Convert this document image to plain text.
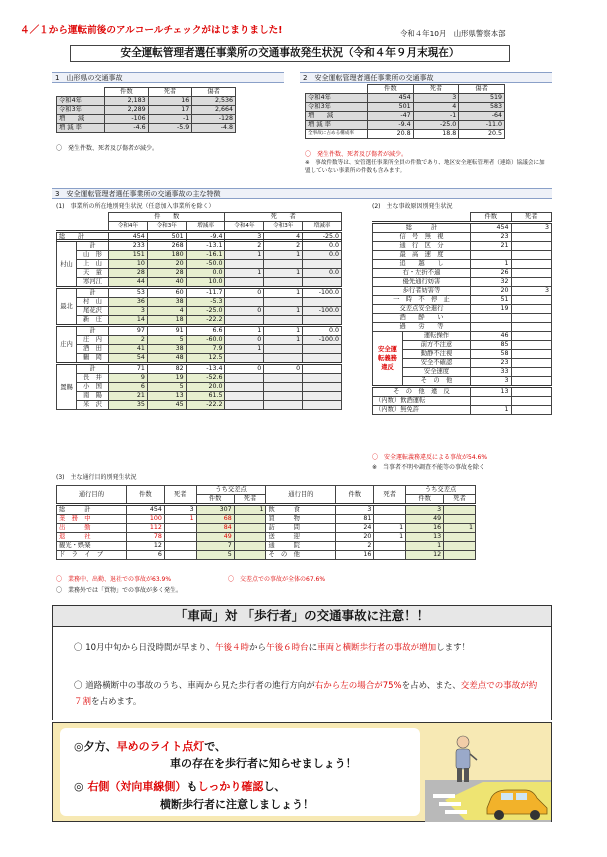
４／１から運転前後のアルコールチェックがはじまりました!	令和４年10月　山形県警察本部
安全運転管理者選任事業所の交通事故発生状況（令和４年９月末現在）
1　山形県の交通事故
	件数	死者	傷者
令和4年	2,183	16	2,536
令和3年	2,289	17	2,664
増　　減	-106	-1	-128
増 減 率	-4.6	-5.9	-4.8
〇　発生件数、死者及び傷者が減少。
2　安全運転管理者選任事業所の交通事故
	件数	死者	傷者
令和4年	454	3	519
令和3年	501	4	583
増　　減	-47	-1	-64
増 減 率	-9.4	-25.0	-11.0
全事故に占める構成率	20.8	18.8	20.5
〇　発生件数、死者及び傷者が減少。
※　事故件数等は、安管選任事業所全員の件数であり、地区安全運転管理者（連絡）協議会に加盟していない事業所の件数も含みます。
3　安全運転管理者選任事業所の交通事故の主な特徴
(1)　事業所の所在地別発生状況（任意加入事業所を除く）
	件　　数			死　　者		
	令和4年	令和3年	増減率	令和4年	令和3年	増減率
総　　計	454	501	-9.4	3	4	-25.0
村山	計	233	268	-13.1	2	2	0.0
	山　形	151	180	-16.1	1	1	0.0
	上　山	10	20	-50.0			
	天　童	28	28	0.0	1	1	0.0
	寒河江	44	40	10.0			
最北	計	53	60	-11.7	0	1	-100.0
	村　山	36	38	-5.3			
	尾花沢	3	4	-25.0	0	1	-100.0
	新　庄	14	18	-22.2			
庄内	計	97	91	6.6	1	1	0.0
	庄　内	2	5	-60.0	0	1	-100.0
	酒　田	41	38	7.9	1		
	鶴　岡	54	48	12.5			
置賜	計	71	82	-13.4	0	0	
	長　井	9	19	-52.6			
	小　国	6	5	20.0			
	南　陽	21	13	61.5			
	米　沢	35	45	-22.2			
(2)　主な事故原因別発生状況
		件数	死者
総　　　計		454	3
信　号　無　視		23	
通　行　区　分		21	
最　高　速　度			
追　　越　　し		1	
右・左折不適		26	
優先通行妨害		32	
歩行者妨害等		20	3
一　時　不　停　止		51	
交差点安全進行		19	
酒　　酔　　い			
過　　労　　等			
安全運転義務違反	運転操作	46	
	前方不注意	85	
	動静不注視	58	
	安全不確認	23	
	安全速度	33	
	そ　の　他	3	
そ　の　他　違　反		13	
（内数）飲酒運転			
（内数）無免許		1	
〇　安全運転義務違反による事故が54.6%
※　当事者不明や調査不能等の事故を除く
(3)　主な通行目的別発生状況
通行目的	件数	死者	うち交差点		通行目的	件数	死者	うち交差点	
			件数	死者				件数	死者
総　　　計	454	3	307	1	飲　　　食	3		3	
業　務　中	100	1	68		買　　　物	81		49	
出　　　勤	112		84		訪　　　問	24	1	16	1
退　　　社	78		49		送　　　迎	20	1	13	
観光・娯楽	12		7		通　　　院	2		1	
ド　ラ　イ　ブ	6		5		そ　の　他	16		12	
〇　業務中、出勤、退社での事故が63.9%	〇　交差点での事故が全体の67.6%
〇　業務外では「買物」での事故が多く発生。
「車両」対 「歩行者」の交通事故に注意！！
〇 10月中旬から日没時間が早まり、午後４時から午後６時台に車両と横断歩行者の事故が増加します！
〇 道路横断中の事故のうち、車両から見た歩行者の進行方向が右から左の場合が75%を占め、また、交差点での事故が約７割を占めます。
◎夕方、早めのライト点灯で、
車の存在を歩行者に知らせましょう！
◎ 右側（対向車線側）もしっかり確認し、
横断歩行者に注意しましょう！
